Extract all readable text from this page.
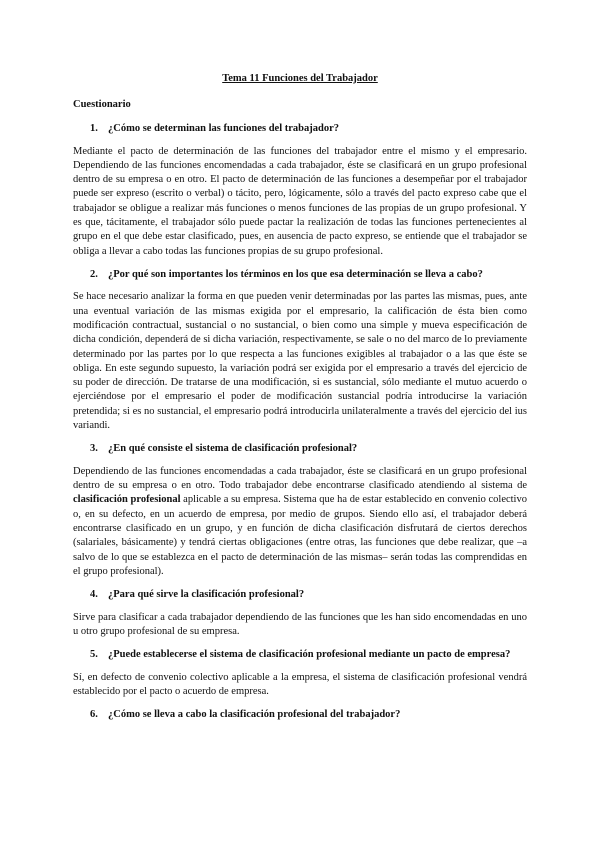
Tema 11 Funciones del Trabajador
Cuestionario
1. ¿Cómo se determinan las funciones del trabajador?

Mediante el pacto de determinación de las funciones del trabajador entre el mismo y el empresario. Dependiendo de las funciones encomendadas a cada trabajador, éste se clasificará en un grupo profesional dentro de su empresa o en otro. El pacto de determinación de las funciones a desempeñar por el trabajador puede ser expreso (escrito o verbal) o tácito, pero, lógicamente, sólo a través del pacto expreso cabe que el trabajador se obligue a realizar más funciones o menos funciones de las propias de un grupo profesional. Y es que, tácitamente, el trabajador sólo puede pactar la realización de todas las funciones pertenecientes al grupo en el que debe estar clasificado, pues, en ausencia de pacto expreso, se entiende que el trabajador se obliga a llevar a cabo todas las funciones propias de su grupo profesional.

2. ¿Por qué son importantes los términos en los que esa determinación se lleva a cabo?

Se hace necesario analizar la forma en que pueden venir determinadas por las partes las mismas, pues, ante una eventual variación de las mismas exigida por el empresario, la calificación de ésta bien como modificación contractual, sustancial o no sustancial, o bien como una simple y mueva especificación de dicha condición, dependerá de si dicha variación, respectivamente, se sale o no del marco de lo previamente determinado por las partes por lo que respecta a las funciones exigibles al trabajador o a las que éste se obliga. En este segundo supuesto, la variación podrá ser exigida por el empresario a través del ejercicio de su poder de dirección. De tratarse de una modificación, si es sustancial, sólo mediante el mutuo acuerdo o ejerciéndose por el empresario el poder de modificación sustancial podría introducirse la variación pretendida; si es no sustancial, el empresario podrá introducirla unilateralmente a través del ejercicio del ius variandi.

3. ¿En qué consiste el sistema de clasificación profesional?

Dependiendo de las funciones encomendadas a cada trabajador, éste se clasificará en un grupo profesional dentro de su empresa o en otro. Todo trabajador debe encontrarse clasificado atendiendo al sistema de clasificación profesional aplicable a su empresa. Sistema que ha de estar establecido en convenio colectivo o, en su defecto, en un acuerdo de empresa, por medio de grupos. Siendo ello así, el trabajador deberá encontrarse clasificado en un grupo, y en función de dicha clasificación disfrutará de ciertos derechos (salariales, básicamente) y tendrá ciertas obligaciones (entre otras, las funciones que debe realizar, que –a salvo de lo que se establezca en el pacto de determinación de las mismas– serán todas las comprendidas en el grupo profesional).

4. ¿Para qué sirve la clasificación profesional?

Sirve para clasificar a cada trabajador dependiendo de las funciones que les han sido encomendadas en uno u otro grupo profesional de su empresa.

5. ¿Puede establecerse el sistema de clasificación profesional mediante un pacto de empresa?

Sí, en defecto de convenio colectivo aplicable a la empresa, el sistema de clasificación profesional vendrá establecido por el pacto o acuerdo de empresa.

6. ¿Cómo se lleva a cabo la clasificación profesional del trabajador?
